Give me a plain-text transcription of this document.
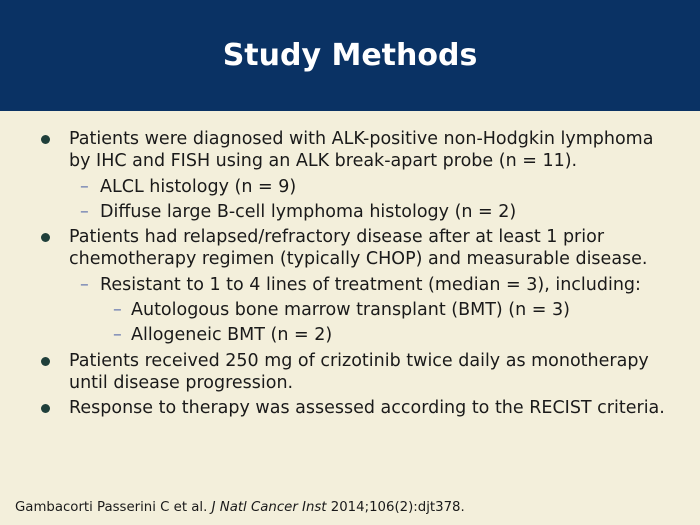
Study Methods
Patients were diagnosed with ALK-positive non-Hodgkin lymphoma by IHC and FISH using an ALK break-apart probe (n = 11).
– ALCL histology (n = 9)
– Diffuse large B-cell lymphoma histology (n = 2)
Patients had relapsed/refractory disease after at least 1 prior chemotherapy regimen (typically CHOP) and measurable disease.
– Resistant to 1 to 4 lines of treatment (median = 3), including:
– Autologous bone marrow transplant (BMT) (n = 3)
– Allogeneic BMT (n = 2)
Patients received 250 mg of crizotinib twice daily as monotherapy until disease progression.
Response to therapy was assessed according to the RECIST criteria.
Gambacorti Passerini C et al. J Natl Cancer Inst 2014;106(2):djt378.
